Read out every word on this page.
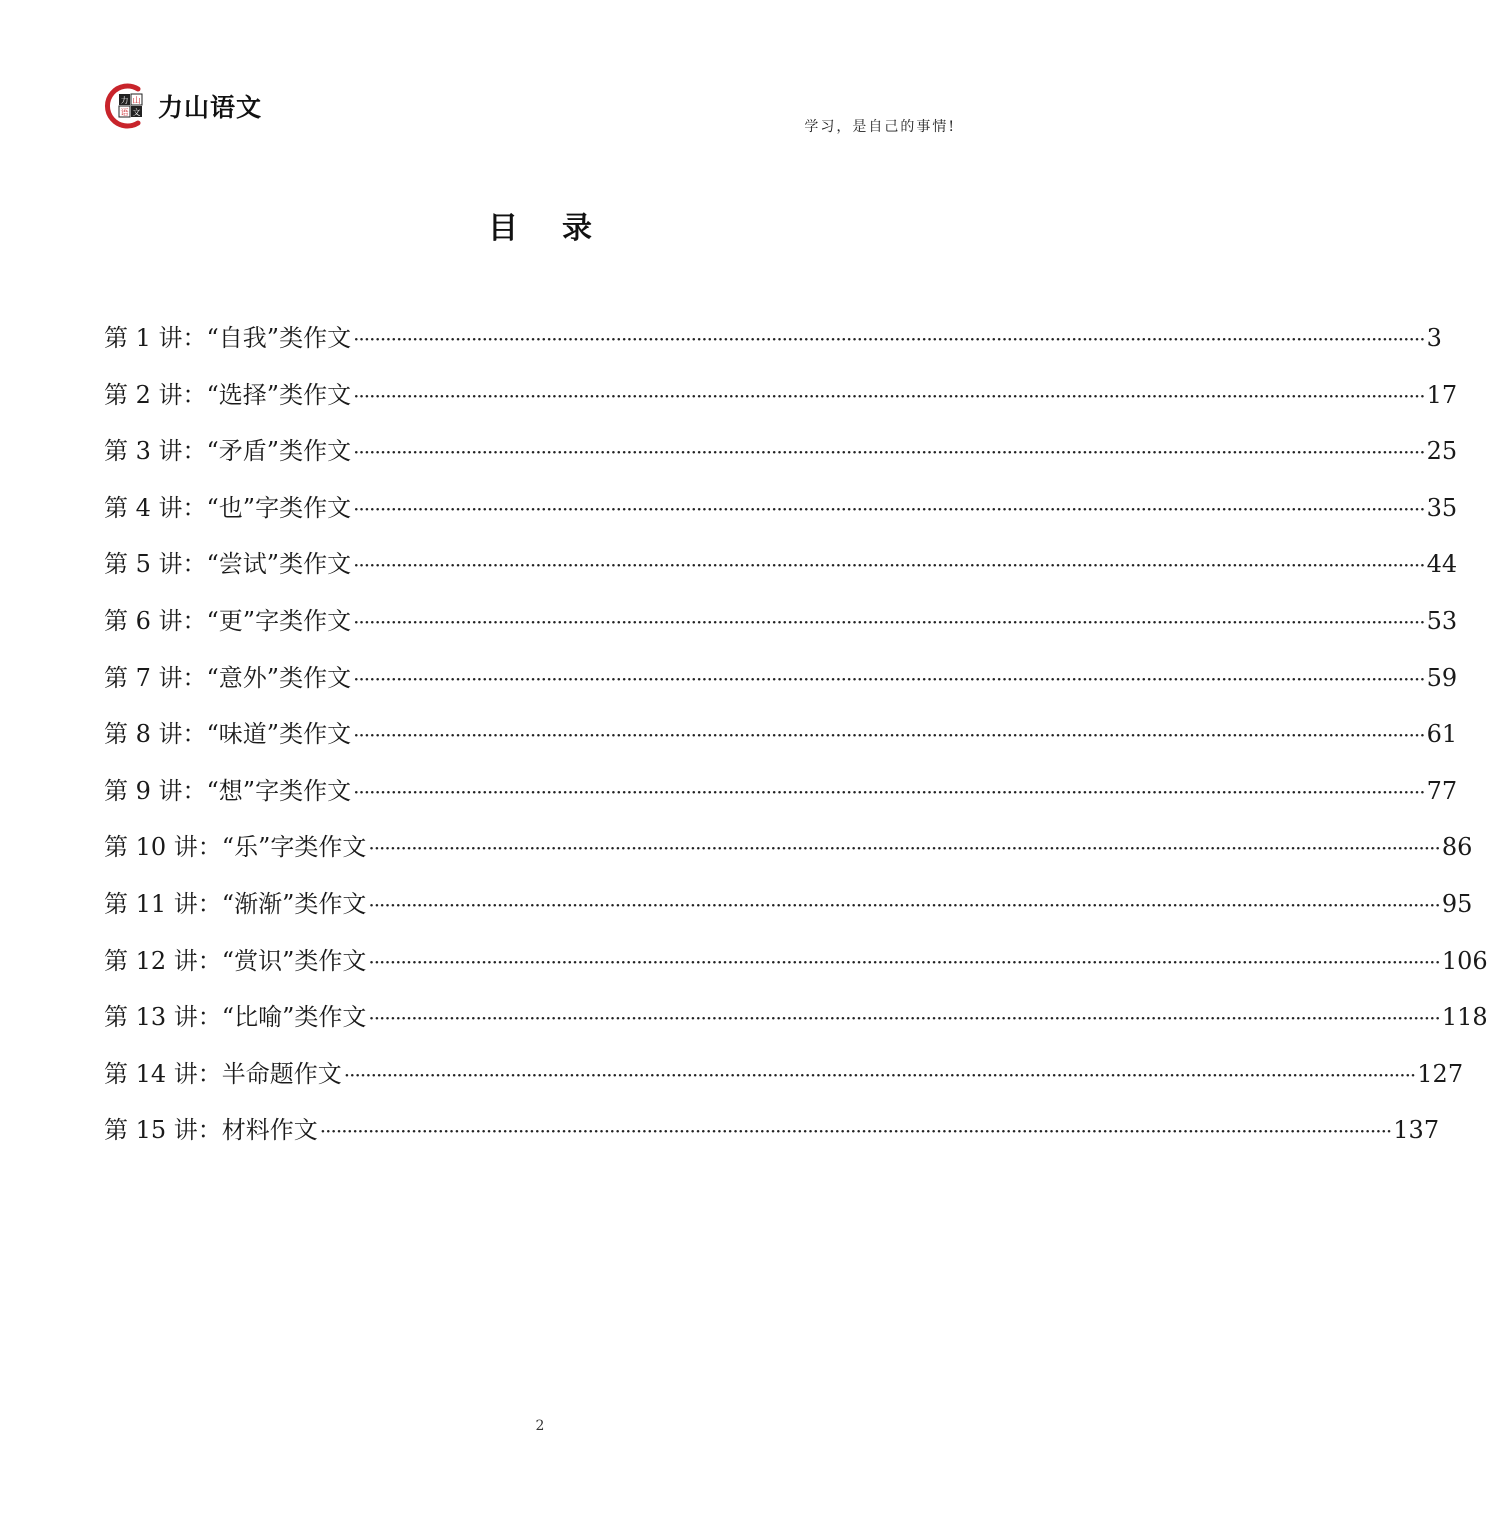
力 山
语 文 力山语文
学习，是自己的事情!
目 录
第 1 讲： “自我”类作文 ········································································································································································································ 3
第 2 讲： “选择”类作文 ········································································································································································································ 17
第 3 讲： “矛盾”类作文 ········································································································································································································ 25
第 4 讲： “也”字类作文 ········································································································································································································ 35
第 5 讲： “尝试”类作文 ········································································································································································································ 44
第 6 讲： “更”字类作文 ········································································································································································································ 53
第 7 讲： “意外”类作文 ········································································································································································································ 59
第 8 讲： “味道”类作文 ········································································································································································································ 61
第 9 讲： “想”字类作文 ········································································································································································································ 77
第 10 讲： “乐”字类作文 ········································································································································································································ 86
第 11 讲： “渐渐”类作文 ········································································································································································································ 95
第 12 讲： “赏识”类作文 ········································································································································································································ 106
第 13 讲： “比喻”类作文 ········································································································································································································ 118
第 14 讲： 半命题作文 ········································································································································································································ 127
第 15 讲： 材料作文 ········································································································································································································ 137
2
